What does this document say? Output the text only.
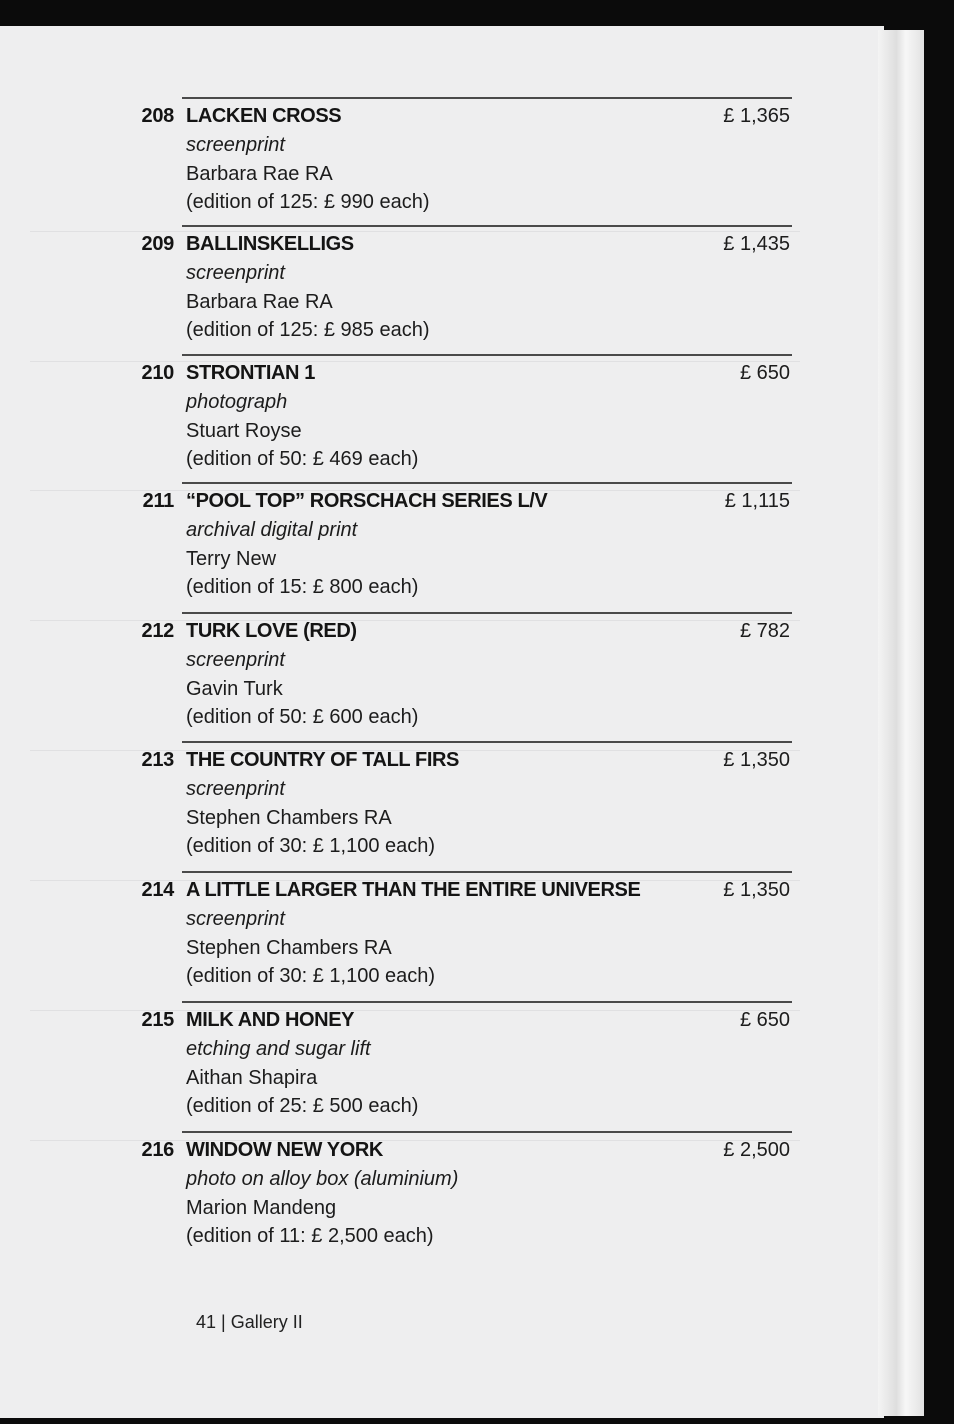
208 LACKEN CROSS
screenprint
Barbara Rae RA
(edition of 125: £ 990 each)
£ 1,365
209 BALLINSKELLIGS
screenprint
Barbara Rae RA
(edition of 125: £ 985 each)
£ 1,435
210 STRONTIAN 1
photograph
Stuart Royse
(edition of 50: £ 469 each)
£ 650
211 “POOL TOP” RORSCHACH SERIES L/V
archival digital print
Terry New
(edition of 15: £ 800 each)
£ 1,115
212 TURK LOVE (RED)
screenprint
Gavin Turk
(edition of 50: £ 600 each)
£ 782
213 THE COUNTRY OF TALL FIRS
screenprint
Stephen Chambers RA
(edition of 30: £ 1,100 each)
£ 1,350
214 A LITTLE LARGER THAN THE ENTIRE UNIVERSE
screenprint
Stephen Chambers RA
(edition of 30: £ 1,100 each)
£ 1,350
215 MILK AND HONEY
etching and sugar lift
Aithan Shapira
(edition of 25: £ 500 each)
£ 650
216 WINDOW NEW YORK
photo on alloy box (aluminium)
Marion Mandeng
(edition of 11: £ 2,500 each)
£ 2,500
41 | Gallery II
